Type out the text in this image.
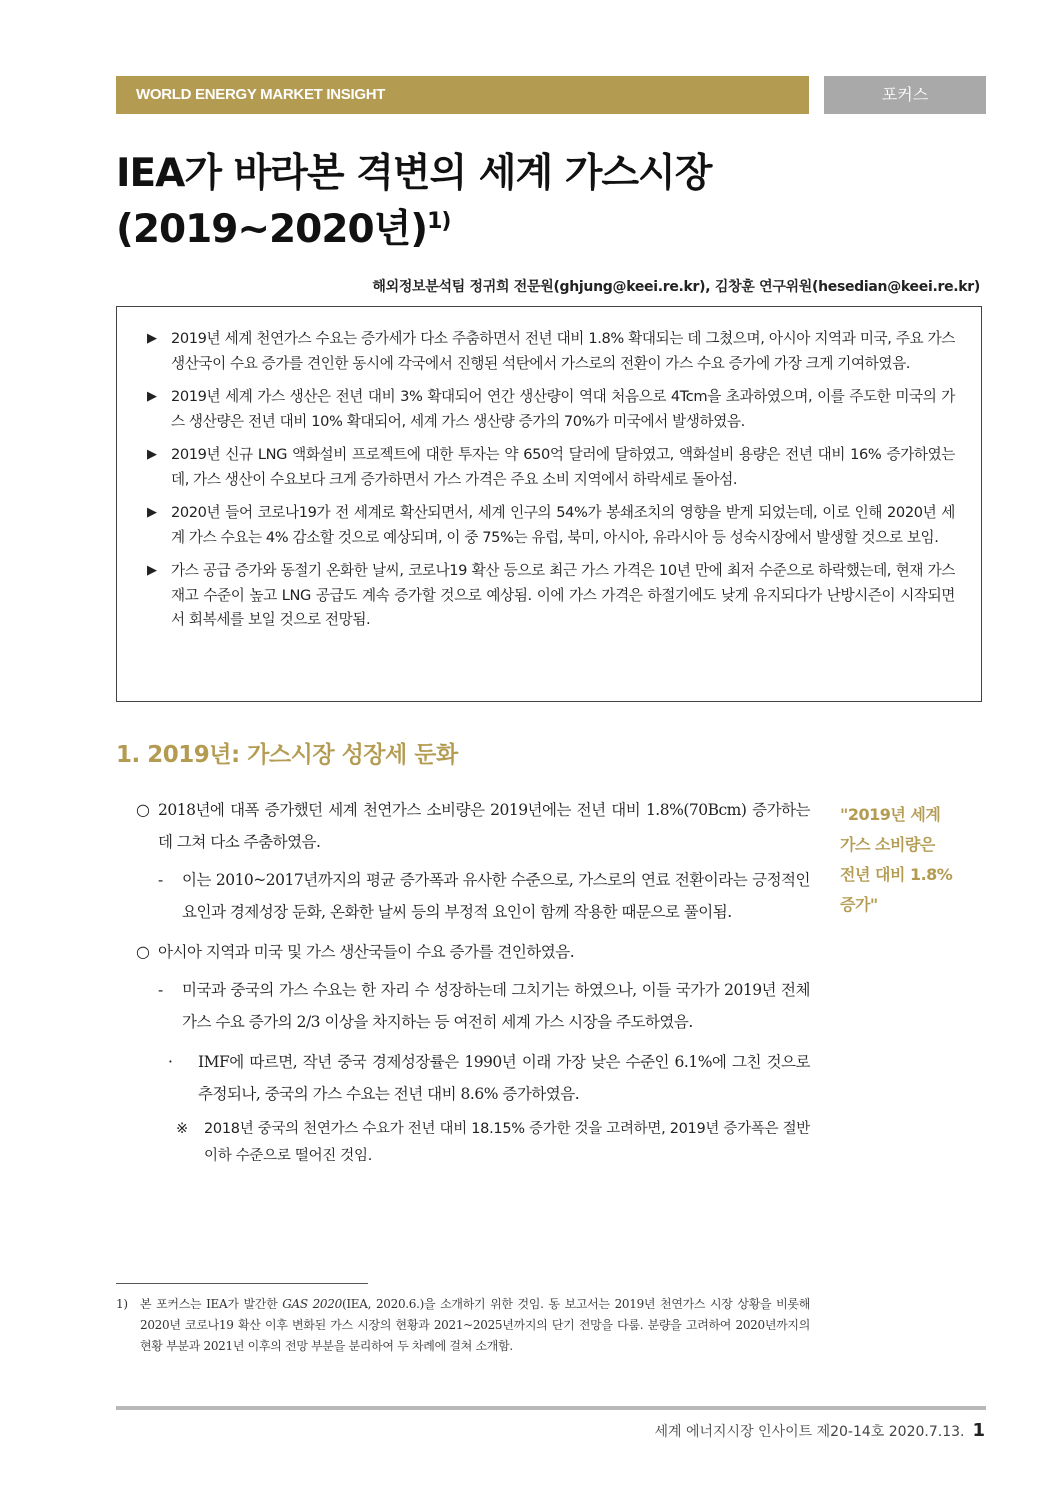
WORLD ENERGY MARKET INSIGHT	포커스
IEA가 바라본 격변의 세계 가스시장
(2019~2020년)$^{1)}$
해외정보분석팀 정귀희 전문원(ghjung@keei.re.kr), 김창훈 연구위원(hesedian@keei.re.kr)
▶ 2019년 세계 천연가스 수요는 증가세가 다소 주춤하면서 전년 대비 1.8% 확대되는 데 그쳤으며, 아시아 지역과 미국, 주요 가스 생산국이 수요 증가를 견인한 동시에 각국에서 진행된 석탄에서 가스로의 전환이 가스 수요 증가에 가장 크게 기여하였음.
▶ 2019년 세계 가스 생산은 전년 대비 3% 확대되어 연간 생산량이 역대 처음으로 4Tcm을 초과하였으며, 이를 주도한 미국의 가스 생산량은 전년 대비 10% 확대되어, 세계 가스 생산량 증가의 70%가 미국에서 발생하였음.
▶ 2019년 신규 LNG 액화설비 프로젝트에 대한 투자는 약 650억 달러에 달하였고, 액화설비 용량은 전년 대비 16% 증가하였는데, 가스 생산이 수요보다 크게 증가하면서 가스 가격은 주요 소비 지역에서 하락세로 돌아섬.
▶ 2020년 들어 코로나19가 전 세계로 확산되면서, 세계 인구의 54%가 봉쇄조치의 영향을 받게 되었는데, 이로 인해 2020년 세계 가스 수요는 4% 감소할 것으로 예상되며, 이 중 75%는 유럽, 북미, 아시아, 유라시아 등 성숙시장에서 발생할 것으로 보임.
▶ 가스 공급 증가와 동절기 온화한 날씨, 코로나19 확산 등으로 최근 가스 가격은 10년 만에 최저 수준으로 하락했는데, 현재 가스 재고 수준이 높고 LNG 공급도 계속 증가할 것으로 예상됨. 이에 가스 가격은 하절기에도 낮게 유지되다가 난방시즌이 시작되면서 회복세를 보일 것으로 전망됨.
1. 2019년: 가스시장 성장세 둔화

○ 2018년에 대폭 증가했던 세계 천연가스 소비량은 2019년에는 전년 대비 1.8%(70Bcm) 증가하는 데 그쳐 다소 주춤하였음.

- 이는 2010~2017년까지의 평균 증가폭과 유사한 수준으로, 가스로의 연료 전환이라는 긍정적인 요인과 경제성장 둔화, 온화한 날씨 등의 부정적 요인이 함께 작용한 때문으로 풀이됨.

○ 아시아 지역과 미국 및 가스 생산국들이 수요 증가를 견인하였음.

- 미국과 중국의 가스 수요는 한 자리 수 성장하는데 그치기는 하였으나, 이들 국가가 2019년 전체 가스 수요 증가의 2/3 이상을 차지하는 등 여전히 세계 가스 시장을 주도하였음.

· IMF에 따르면, 작년 중국 경제성장률은 1990년 이래 가장 낮은 수준인 6.1%에 그친 것으로 추정되나, 중국의 가스 수요는 전년 대비 8.6% 증가하였음.

※ 2018년 중국의 천연가스 수요가 전년 대비 18.15% 증가한 것을 고려하면, 2019년 증가폭은 절반 이하 수준으로 떨어진 것임.

"2019년 세계
가스 소비량은
전년 대비 1.8%
증가"
1) 본 포커스는 IEA가 발간한 GAS 2020(IEA, 2020.6.)을 소개하기 위한 것임. 동 보고서는 2019년 천연가스 시장 상황을 비롯해 2020년 코로나19 확산 이후 변화된 가스 시장의 현황과 2021~2025년까지의 단기 전망을 다룸. 분량을 고려하여 2020년까지의 현황 부분과 2021년 이후의 전망 부분을 분리하여 두 차례에 걸쳐 소개함.
세계 에너지시장 인사이트 제20-14호 2020.7.13. 1
